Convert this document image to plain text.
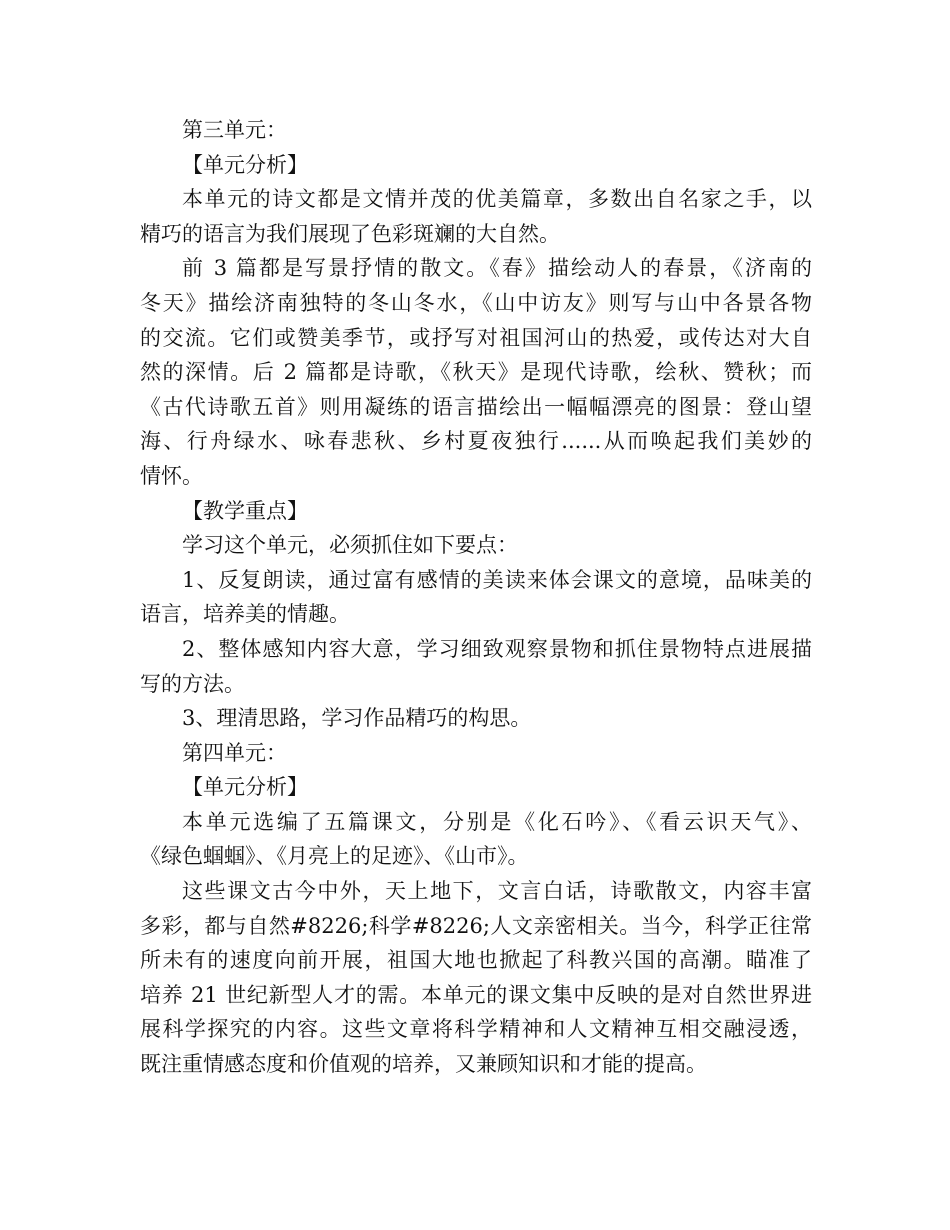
第三单元：

【单元分析】

本单元的诗文都是文情并茂的优美篇章，多数出自名家之手，以

精巧的语言为我们展现了色彩斑斓的大自然。

前 3 篇都是写景抒情的散文。《春》描绘动人的春景，《济南的

冬天》描绘济南独特的冬山冬水，《山中访友》则写与山中各景各物

的交流。它们或赞美季节，或抒写对祖国河山的热爱，或传达对大自

然的深情。后 2 篇都是诗歌，《秋天》是现代诗歌，绘秋、赞秋；而

《古代诗歌五首》则用凝练的语言描绘出一幅幅漂亮的图景：登山望

海、行舟绿水、咏春悲秋、乡村夏夜独行......从而唤起我们美妙的

情怀。

【教学重点】

学习这个单元，必须抓住如下要点：

1、反复朗读，通过富有感情的美读来体会课文的意境，品味美的

语言，培养美的情趣。

2、整体感知内容大意，学习细致观察景物和抓住景物特点进展描

写的方法。

3、理清思路，学习作品精巧的构思。

第四单元：

【单元分析】

本单元选编了五篇课文，分别是《化石吟》、《看云识天气》、

《绿色蝈蝈》、《月亮上的足迹》、《山市》。

这些课文古今中外，天上地下，文言白话，诗歌散文，内容丰富

多彩，都与自然#8226;科学#8226;人文亲密相关。当今，科学正往常

所未有的速度向前开展，祖国大地也掀起了科教兴国的高潮。瞄准了

培养 21 世纪新型人才的需。本单元的课文集中反映的是对自然世界进

展科学探究的内容。这些文章将科学精神和人文精神互相交融浸透，

既注重情感态度和价值观的培养，又兼顾知识和才能的提高。
